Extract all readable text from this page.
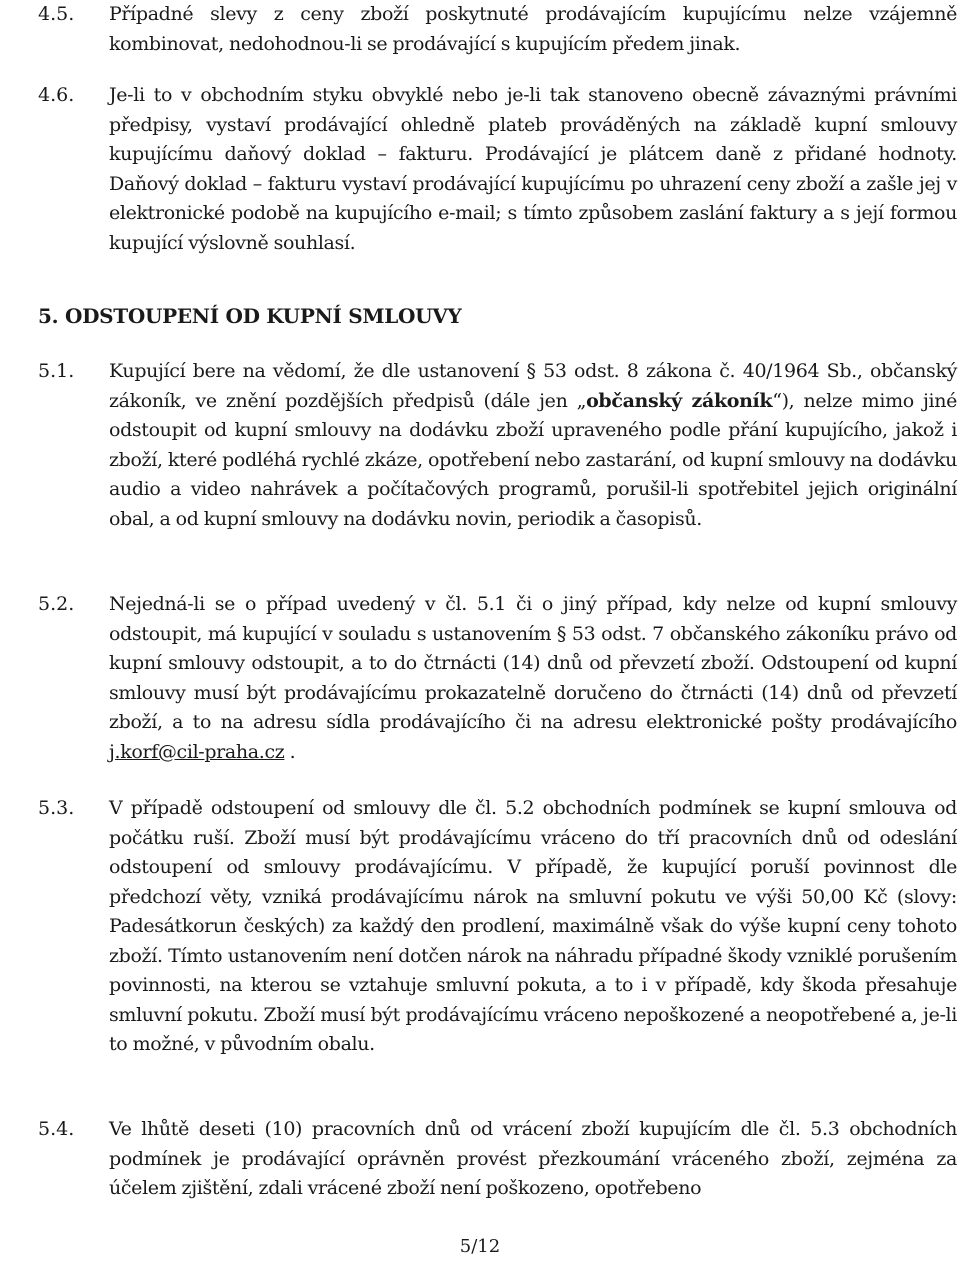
4.5. Případné slevy z ceny zboží poskytnuté prodávajícím kupujícímu nelze vzájemně kombinovat, nedohodnou-li se prodávající s kupujícím předem jinak.
4.6. Je-li to v obchodním styku obvyklé nebo je-li tak stanoveno obecně závaznými právními předpisy, vystaví prodávající ohledně plateb prováděných na základě kupní smlouvy kupujícímu daňový doklad – fakturu. Prodávající je plátcem daně z přidané hodnoty. Daňový doklad – fakturu vystaví prodávající kupujícímu po uhrazení ceny zboží a zašle jej v elektronické podobě na kupujícího e-mail; s tímto způsobem zaslání faktury a s její formou kupující výslovně souhlasí.
5. ODSTOUPENÍ OD KUPNÍ SMLOUVY
5.1. Kupující bere na vědomí, že dle ustanovení § 53 odst. 8 zákona č. 40/1964 Sb., občanský zákoník, ve znění pozdějších předpisů (dále jen „občanský zákoník“), nelze mimo jiné odstoupit od kupní smlouvy na dodávku zboží upraveného podle přání kupujícího, jakož i zboží, které podléhá rychlé zkáze, opotřebení nebo zastarání, od kupní smlouvy na dodávku audio a video nahrávek a počítačových programů, porušil-li spotřebitel jejich originální obal, a od kupní smlouvy na dodávku novin, periodik a časopisů.
5.2. Nejedná-li se o případ uvedený v čl. 5.1 či o jiný případ, kdy nelze od kupní smlouvy odstoupit, má kupující v souladu s ustanovením § 53 odst. 7 občanského zákoníku právo od kupní smlouvy odstoupit, a to do čtrnácti (14) dnů od převzetí zboží. Odstoupení od kupní smlouvy musí být prodávajícímu prokazatelně doručeno do čtrnácti (14) dnů od převzetí zboží, a to na adresu sídla prodávajícího či na adresu elektronické pošty prodávajícího j.korf@cil-praha.cz .
5.3. V případě odstoupení od smlouvy dle čl. 5.2 obchodních podmínek se kupní smlouva od počátku ruší. Zboží musí být prodávajícímu vráceno do tří pracovních dnů od odeslání odstoupení od smlouvy prodávajícímu. V případě, že kupující poruší povinnost dle předchozí věty, vzniká prodávajícímu nárok na smluvní pokutu ve výši 50,00 Kč (slovy: Padesátkorun českých) za každý den prodlení, maximálně však do výše kupní ceny tohoto zboží. Tímto ustanovením není dotčen nárok na náhradu případné škody vzniklé porušením povinnosti, na kterou se vztahuje smluvní pokuta, a to i v případě, kdy škoda přesahuje smluvní pokutu. Zboží musí být prodávajícímu vráceno nepoškozené a neopotřebené a, je-li to možné, v původním obalu.
5.4. Ve lhůtě deseti (10) pracovních dnů od vrácení zboží kupujícím dle čl. 5.3 obchodních podmínek je prodávající oprávněn provést přezkoumání vráceného zboží, zejména za účelem zjištění, zdali vrácené zboží není poškozeno, opotřebeno
5/12
